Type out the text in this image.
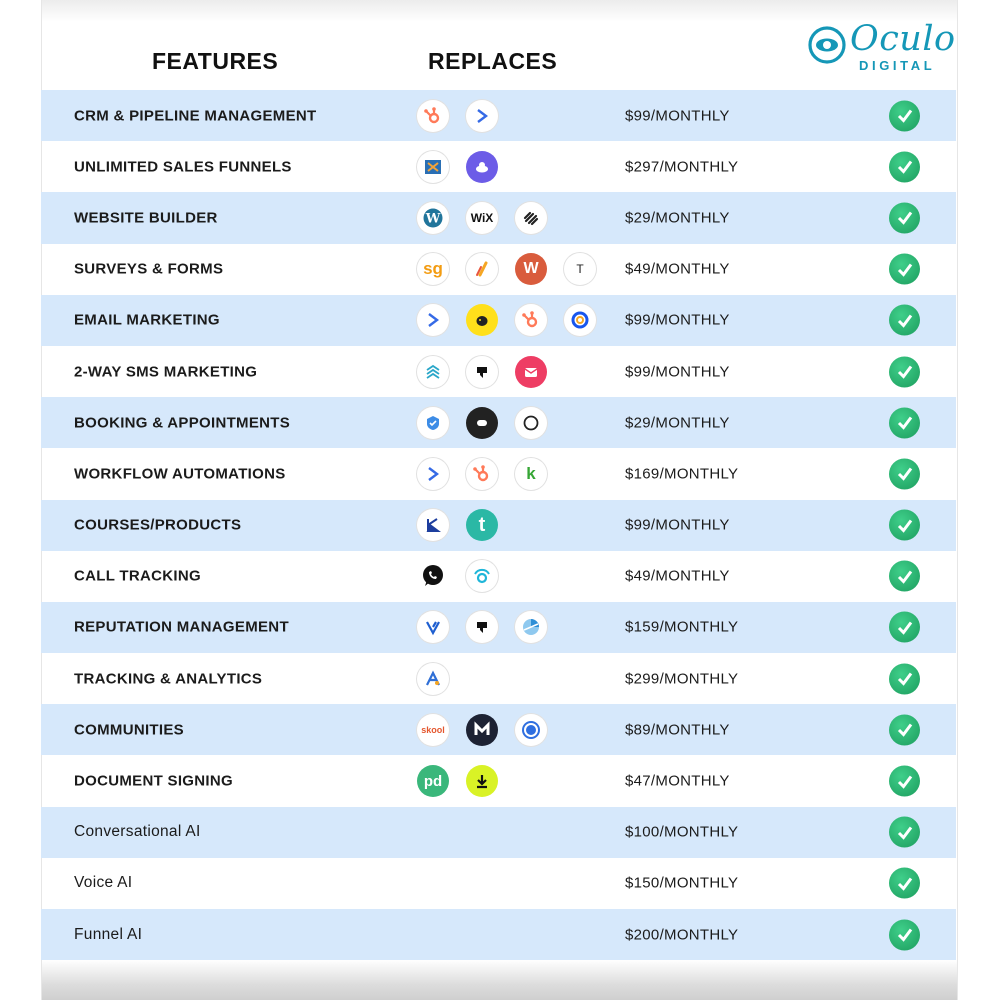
FEATURES	REPLACES
Oculo
DIGITAL
CRM & PIPELINE MANAGEMENT	$99/MONTHLY
UNLIMITED SALES FUNNELS	$297/MONTHLY
WEBSITE BUILDER	W	WiX	$29/MONTHLY
SURVEYS & FORMS	sg	W	T	$49/MONTHLY
EMAIL MARKETING	$99/MONTHLY
2-WAY SMS MARKETING	$99/MONTHLY
BOOKING & APPOINTMENTS	$29/MONTHLY
WORKFLOW AUTOMATIONS	k	$169/MONTHLY
COURSES/PRODUCTS	t	$99/MONTHLY
CALL TRACKING	$49/MONTHLY
REPUTATION MANAGEMENT	$159/MONTHLY
TRACKING & ANALYTICS	$299/MONTHLY
COMMUNITIES	skool	$89/MONTHLY
DOCUMENT SIGNING	pd	$47/MONTHLY
Conversational AI	$100/MONTHLY
Voice AI	$150/MONTHLY
Funnel AI	$200/MONTHLY
